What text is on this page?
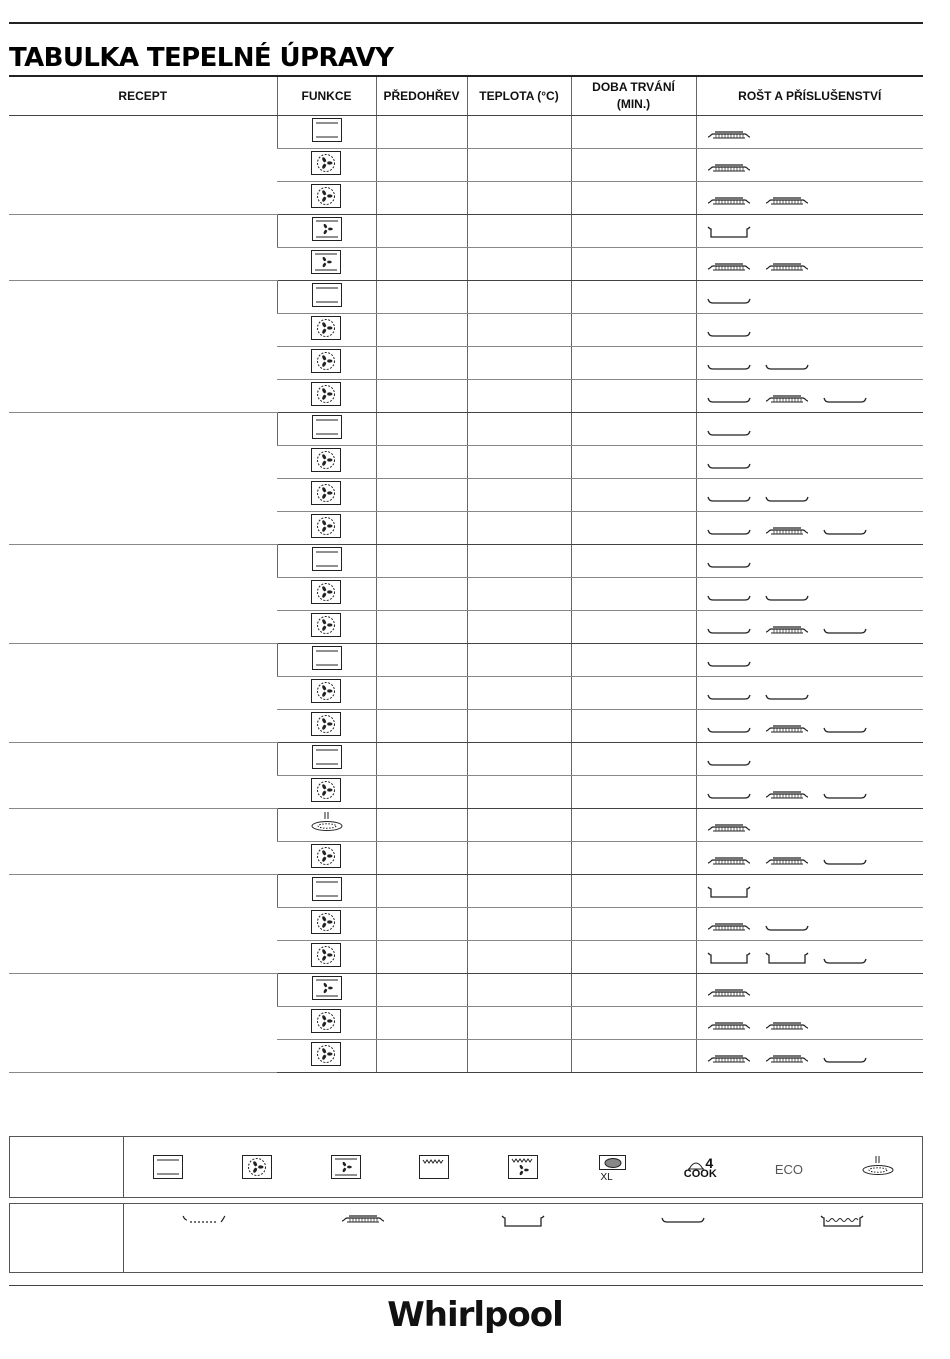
TABULKA TEPELNÉ ÚPRAVY
RECEPT	FUNKCE	PŘEDOHŘEV	TEPLOTA (°C)	DOBA TRVÁNÍ (MIN.)	ROŠT A PŘÍSLUŠENSTVÍ

XL
4
COOK	ECO

Whirlpool
